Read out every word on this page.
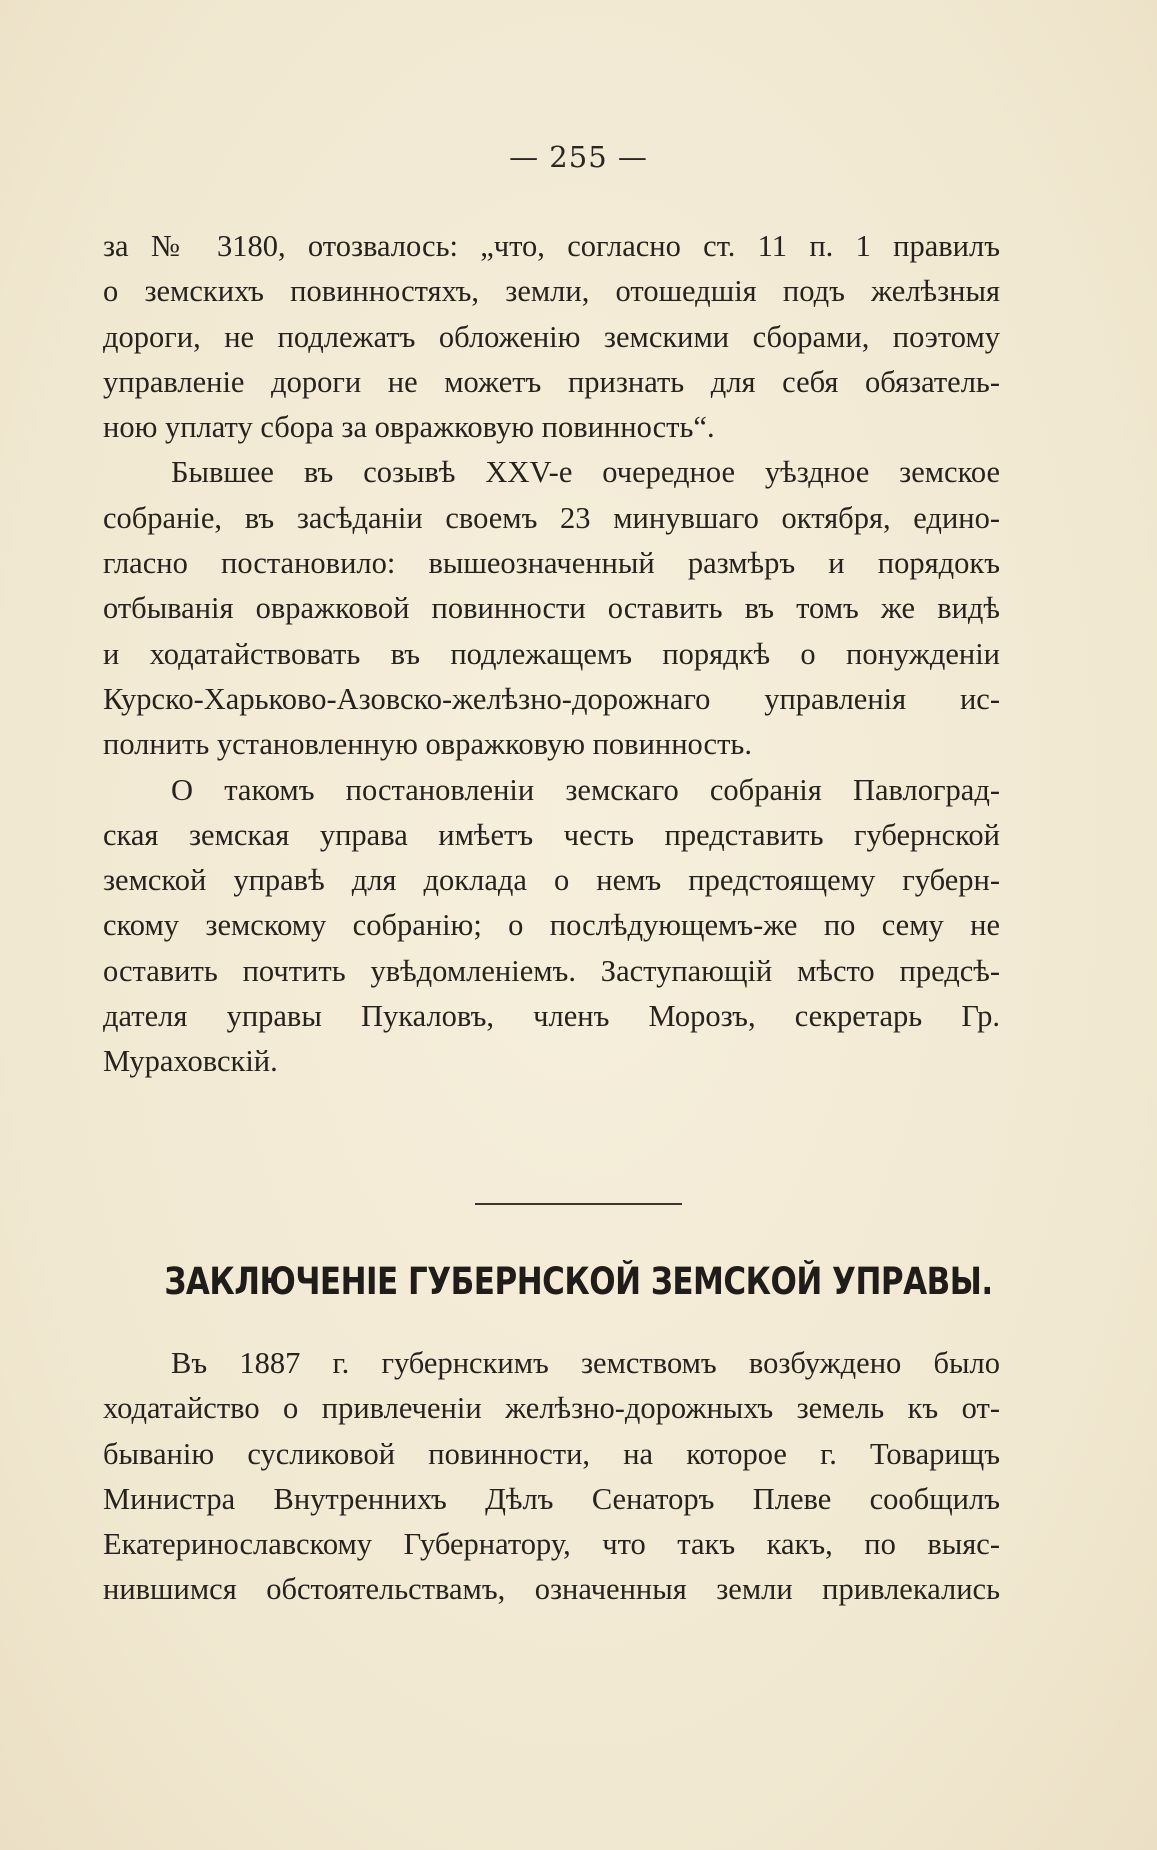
— 255 —
за № 3180, отозвалось: „что, согласно ст. 11 п. 1 правилъ
о земскихъ повинностяхъ, земли, отошедшія подъ желѣзныя
дороги, не подлежатъ обложенію земскими сборами, поэтому
управленіе дороги не можетъ признать для себя обязатель-
ною уплату сбора за овражковую повинность“.
Бывшее въ созывѣ XXV-е очередное уѣздное земское
собраніе, въ засѣданіи своемъ 23 минувшаго октября, едино-
гласно постановило: вышеозначенный размѣръ и порядокъ
отбыванія овражковой повинности оставить въ томъ же видѣ
и ходатайствовать въ подлежащемъ порядкѣ о понужденіи
Курско-Харьково-Азовско-желѣзно-дорожнаго управленія ис-
полнить установленную овражковую повинность.
О такомъ постановленіи земскаго собранія Павлоград-
ская земская управа имѣетъ честь представить губернской
земской управѣ для доклада о немъ предстоящему губерн-
скому земскому собранію; о послѣдующемъ-же по сему не
оставить почтить увѣдомленіемъ. Заступающій мѣсто предсѣ-
дателя управы Пукаловъ, членъ Морозъ, секретарь Гр.
Мураховскій.
ЗАКЛЮЧЕНІЕ ГУБЕРНСКОЙ ЗЕМСКОЙ УПРАВЫ.
Въ 1887 г. губернскимъ земствомъ возбуждено было
ходатайство о привлеченіи желѣзно-дорожныхъ земель къ от-
быванію сусликовой повинности, на которое г. Товарищъ
Министра Внутреннихъ Дѣлъ Сенаторъ Плеве сообщилъ
Екатеринославскому Губернатору, что такъ какъ, по выяс-
нившимся обстоятельствамъ, означенныя земли привлекались
